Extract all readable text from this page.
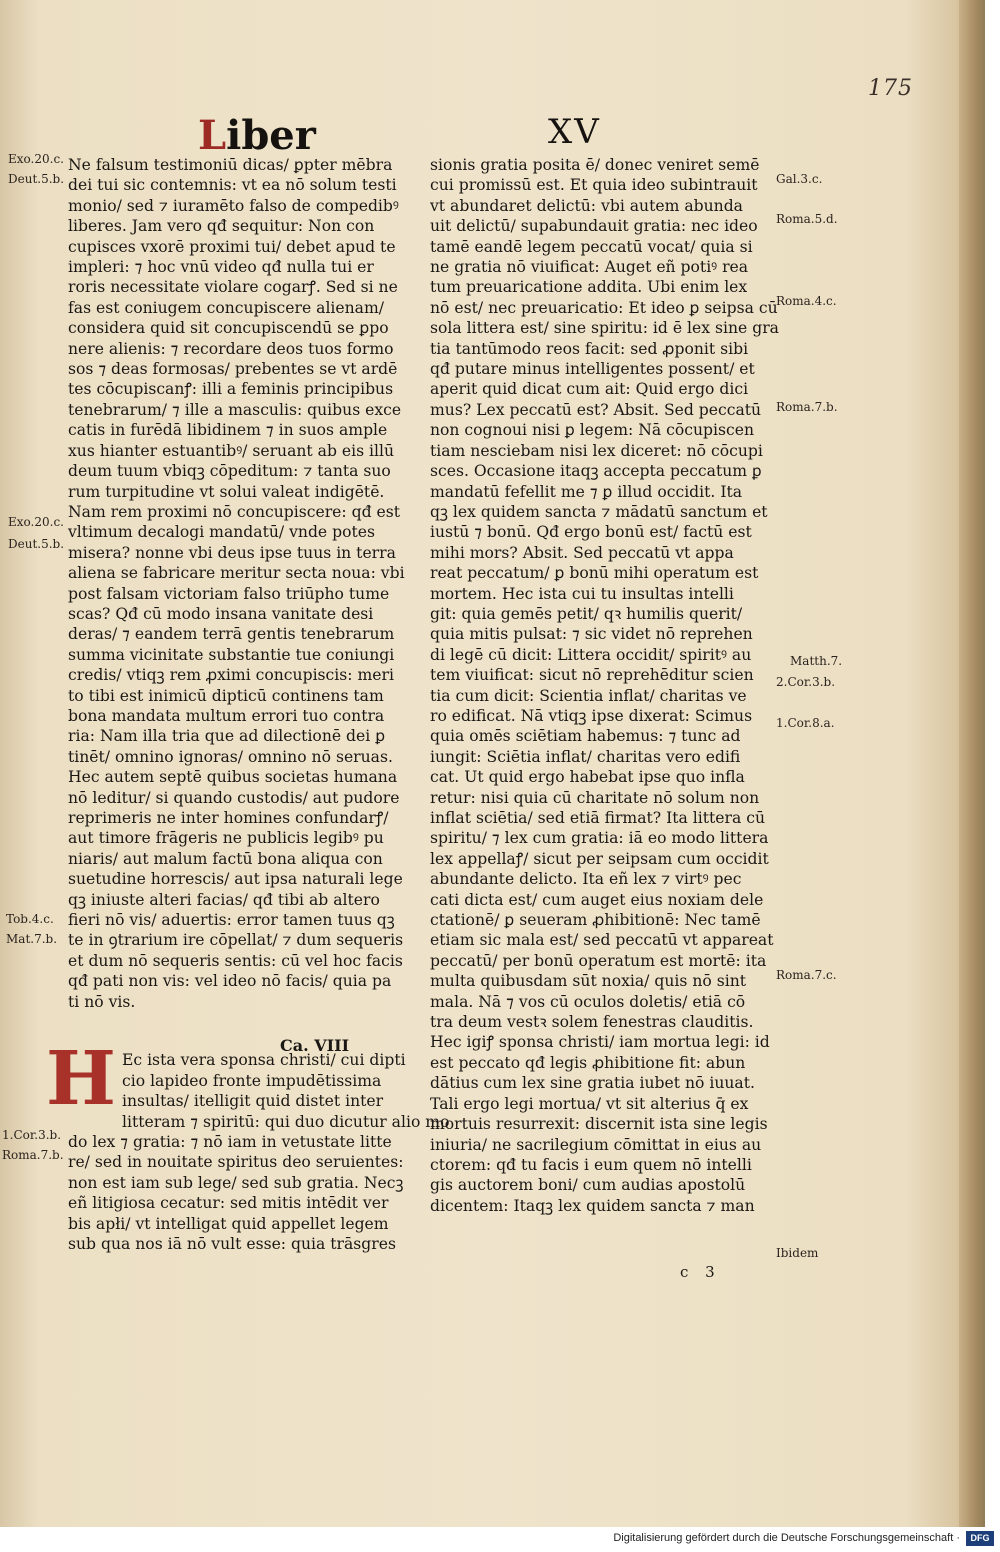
175
Liber	XV
Ne falsum testimoniū dicas/ ꝑpter mēbra
dei tui sic contemnis: vt ea nō solum testi
monio/ sed ⁊ iuramēto falso de compedibꝰ
liberes. Jam vero qđ sequitur: Non con
cupisces vxorē proximi tui/ debet apud te
impleri: ⁊ hoc vnū video qđ nulla tui er
roris necessitate violare cogarꝭ. Sed si ne
fas est coniugem concupiscere alienam/
considera quid sit concupiscendū se ꝑpo
nere alienis: ⁊ recordare deos tuos formo
sos ⁊ deas formosas/ prebentes se vt ardē
tes cōcupiscanꝭ: illi a feminis principibus
tenebrarum/ ⁊ ille a masculis: quibus exce
catis in furēdā libidinem ⁊ in suos ample
xus hianter estuantibꝰ/ seruant ab eis illū
deum tuum vbiqꝫ cōpeditum: ⁊ tanta suo
rum turpitudine vt solui valeat indigētē.
Nam rem proximi nō concupiscere: qđ est
vltimum decalogi mandatū/ vnde potes
misera? nonne vbi deus ipse tuus in terra
aliena se fabricare meritur secta noua: vbi
post falsam victoriam falso triūpho tume
scas? Qđ cū modo insana vanitate desi
deras/ ⁊ eandem terrā gentis tenebrarum
summa vicinitate substantie tue coniungi
credis/ vtiqꝫ rem ꝓximi concupiscis: meri
to tibi est inimicū dipticū continens tam
bona mandata multum errori tuo contra
ria: Nam illa tria que ad dilectionē dei ꝑ
tinēt/ omnino ignoras/ omnino nō seruas.
Hec autem septē quibus societas humana
nō leditur/ si quando custodis/ aut pudore
reprimeris ne inter homines confundarꝭ/
aut timore frāgeris ne publicis legibꝰ pu
niaris/ aut malum factū bona aliqua con
suetudine horrescis/ aut ipsa naturali lege
qꝫ iniuste alteri facias/ qđ tibi ab altero
fieri nō vis/ aduertis: error tamen tuus qꝫ
te in ꝯtrarium ire cōpellat/ ⁊ dum sequeris
et dum nō sequeris sentis: cū vel hoc facis
qđ pati non vis: vel ideo nō facis/ quia pa
ti nō vis.
Ca. VIII
H Ec ista vera sponsa christi/ cui dipti
cio lapideo fronte impudētissima
insultas/ itelligit quid distet inter
litteram ⁊ spiritū: qui duo dicutur alio mo
do lex ⁊ gratia: ⁊ nō iam in vetustate litte
re/ sed in nouitate spiritus deo seruientes:
non est iam sub lege/ sed sub gratia. Necꝫ
eñ litigiosa cecatur: sed mitis intēdit ver
bis apłi/ vt intelligat quid appellet legem
sub qua nos iā nō vult esse: quia trāsgres
sionis gratia posita ē/ donec veniret semē
cui promissū est. Et quia ideo subintrauit
vt abundaret delictū: vbi autem abunda
uit delictū/ supabundauit gratia: nec ideo
tamē eandē legem peccatū vocat/ quia si
ne gratia nō viuificat: Auget eñ potiꝰ rea
tum preuaricatione addita. Ubi enim lex
nō est/ nec preuaricatio: Et ideo ꝑ seipsa cū
sola littera est/ sine spiritu: id ē lex sine gra
tia tantūmodo reos facit: sed ꝓponit sibi
qđ putare minus intelligentes possent/ et
aperit quid dicat cum ait: Quid ergo dici
mus? Lex peccatū est? Absit. Sed peccatū
non cognoui nisi ꝑ legem: Nā cōcupiscen
tiam nesciebam nisi lex diceret: nō cōcupi
sces. Occasione itaqꝫ accepta peccatum ꝑ
mandatū fefellit me ⁊ ꝑ illud occidit. Ita
qꝫ lex quidem sancta ⁊ mādatū sanctum et
iustū ⁊ bonū. Qđ ergo bonū est/ factū est
mihi mors? Absit. Sed peccatū vt appa
reat peccatum/ ꝑ bonū mihi operatum est
mortem. Hec ista cui tu insultas intelli
git: quia gemēs petit/ qꝛ humilis querit/
quia mitis pulsat: ⁊ sic videt nō reprehen
di legē cū dicit: Littera occidit/ spiritꝰ au
tem viuificat: sicut nō reprehēditur scien
tia cum dicit: Scientia inflat/ charitas ve
ro edificat. Nā vtiqꝫ ipse dixerat: Scimus
quia omēs sciētiam habemus: ⁊ tunc ad
iungit: Sciētia inflat/ charitas vero edifi
cat. Ut quid ergo habebat ipse quo infla
retur: nisi quia cū charitate nō solum non
inflat sciētia/ sed etiā firmat? Ita littera cū
spiritu/ ⁊ lex cum gratia: iā eo modo littera
lex appellaꝭ/ sicut per seipsam cum occidit
abundante delicto. Ita eñ lex ⁊ virtꝰ pec
cati dicta est/ cum auget eius noxiam dele
ctationē/ ꝑ seueram ꝓhibitionē: Nec tamē
etiam sic mala est/ sed peccatū vt appareat
peccatū/ per bonū operatum est mortē: ita
multa quibusdam sūt noxia/ quis nō sint
mala. Nā ⁊ vos cū oculos doletis/ etiā cō
tra deum vestꝛ solem fenestras clauditis.
Hec igiꝭ sponsa christi/ iam mortua legi: id
est peccato qđ legis ꝓhibitione fit: abun
dātius cum lex sine gratia iubet nō iuuat.
Tali ergo legi mortua/ vt sit alterius q̄ ex
mortuis resurrexit: discernit ista sine legis
iniuria/ ne sacrilegium cōmittat in eius au
ctorem: qđ tu facis i eum quem nō intelli
gis auctorem boni/ cum audias apostolū
dicentem: Itaqꝫ lex quidem sancta ⁊ man
Exo.20.c.
Deut.5.b.
Exo.20.c.
Deut.5.b.
Tob.4.c.
Mat.7.b.
1.Cor.3.b.
Roma.7.b.
Gal.3.c.
Roma.5.d.
Roma.4.c.
Roma.7.b.
Matth.7.
2.Cor.3.b.
1.Cor.8.a.
Roma.7.c.
Ibidem
c 3
Digitalisierung gefördert durch die Deutsche Forschungsgemeinschaft ·	DFG
